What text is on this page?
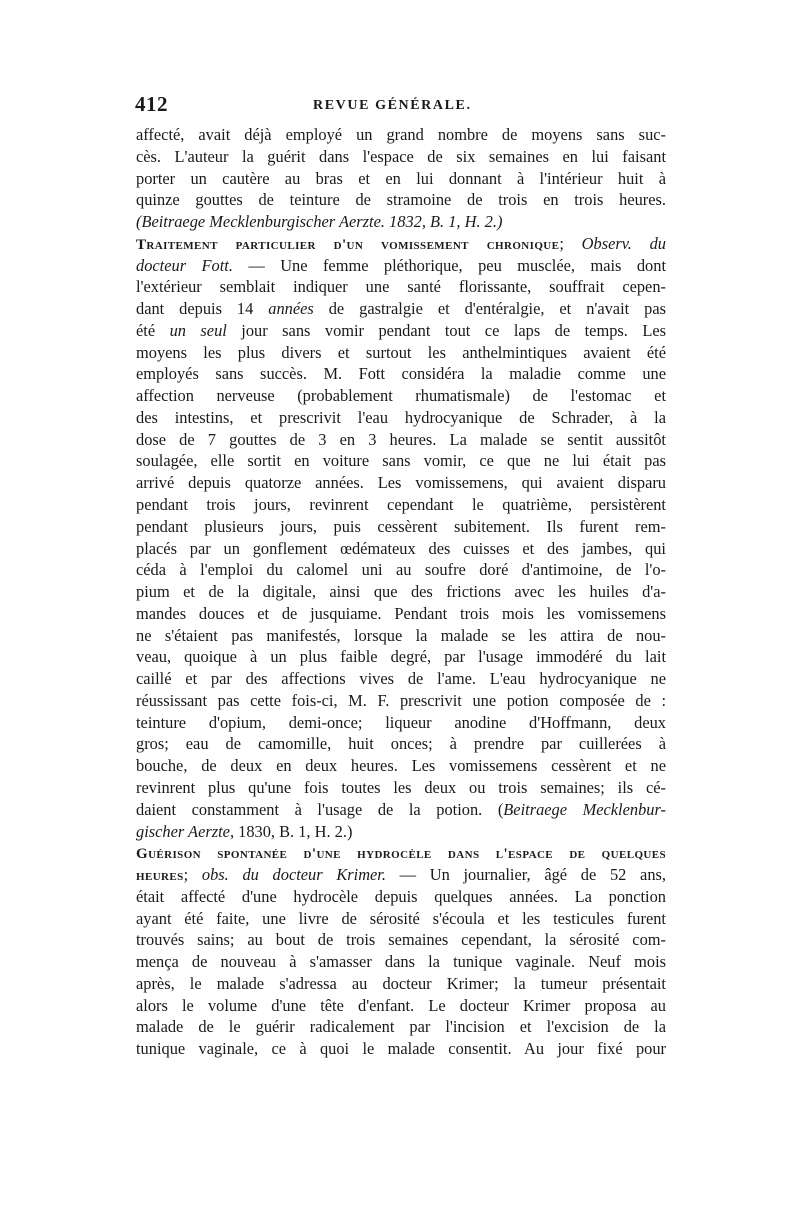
412	REVUE GÉNÉRALE.
affecté, avait déjà employé un grand nombre de moyens sans suc-
cès. L'auteur la guérit dans l'espace de six semaines en lui faisant
porter un cautère au bras et en lui donnant à l'intérieur huit à
quinze gouttes de teinture de stramoine de trois en trois heures.
(Beitraege Mecklenburgischer Aerzte. 1832, B. 1, H. 2.)
Traitement particulier d'un vomissement chronique; Observ. du
docteur Fott. — Une femme pléthorique, peu musclée, mais dont
l'extérieur semblait indiquer une santé florissante, souffrait cepen-
dant depuis 14 années de gastralgie et d'entéralgie, et n'avait pas
été un seul jour sans vomir pendant tout ce laps de temps. Les
moyens les plus divers et surtout les anthelmintiques avaient été
employés sans succès. M. Fott considéra la maladie comme une
affection nerveuse (probablement rhumatismale) de l'estomac et
des intestins, et prescrivit l'eau hydrocyanique de Schrader, à la
dose de 7 gouttes de 3 en 3 heures. La malade se sentit aussitôt
soulagée, elle sortit en voiture sans vomir, ce que ne lui était pas
arrivé depuis quatorze années. Les vomissemens, qui avaient disparu
pendant trois jours, revinrent cependant le quatrième, persistèrent
pendant plusieurs jours, puis cessèrent subitement. Ils furent rem-
placés par un gonflement œdémateux des cuisses et des jambes, qui
céda à l'emploi du calomel uni au soufre doré d'antimoine, de l'o-
pium et de la digitale, ainsi que des frictions avec les huiles d'a-
mandes douces et de jusquiame. Pendant trois mois les vomissemens
ne s'étaient pas manifestés, lorsque la malade se les attira de nou-
veau, quoique à un plus faible degré, par l'usage immodéré du lait
caillé et par des affections vives de l'ame. L'eau hydrocyanique ne
réussissant pas cette fois-ci, M. F. prescrivit une potion composée de :
teinture d'opium, demi-once; liqueur anodine d'Hoffmann, deux
gros; eau de camomille, huit onces; à prendre par cuillerées à
bouche, de deux en deux heures. Les vomissemens cessèrent et ne
revinrent plus qu'une fois toutes les deux ou trois semaines; ils cé-
daient constamment à l'usage de la potion. (Beitraege Mecklenbur-
gischer Aerzte, 1830, B. 1, H. 2.)
Guérison spontanée d'une hydrocèle dans l'espace de quelques
heures; obs. du docteur Krimer. — Un journalier, âgé de 52 ans,
était affecté d'une hydrocèle depuis quelques années. La ponction
ayant été faite, une livre de sérosité s'écoula et les testicules furent
trouvés sains; au bout de trois semaines cependant, la sérosité com-
mença de nouveau à s'amasser dans la tunique vaginale. Neuf mois
après, le malade s'adressa au docteur Krimer; la tumeur présentait
alors le volume d'une tête d'enfant. Le docteur Krimer proposa au
malade de le guérir radicalement par l'incision et l'excision de la
tunique vaginale, ce à quoi le malade consentit. Au jour fixé pour
